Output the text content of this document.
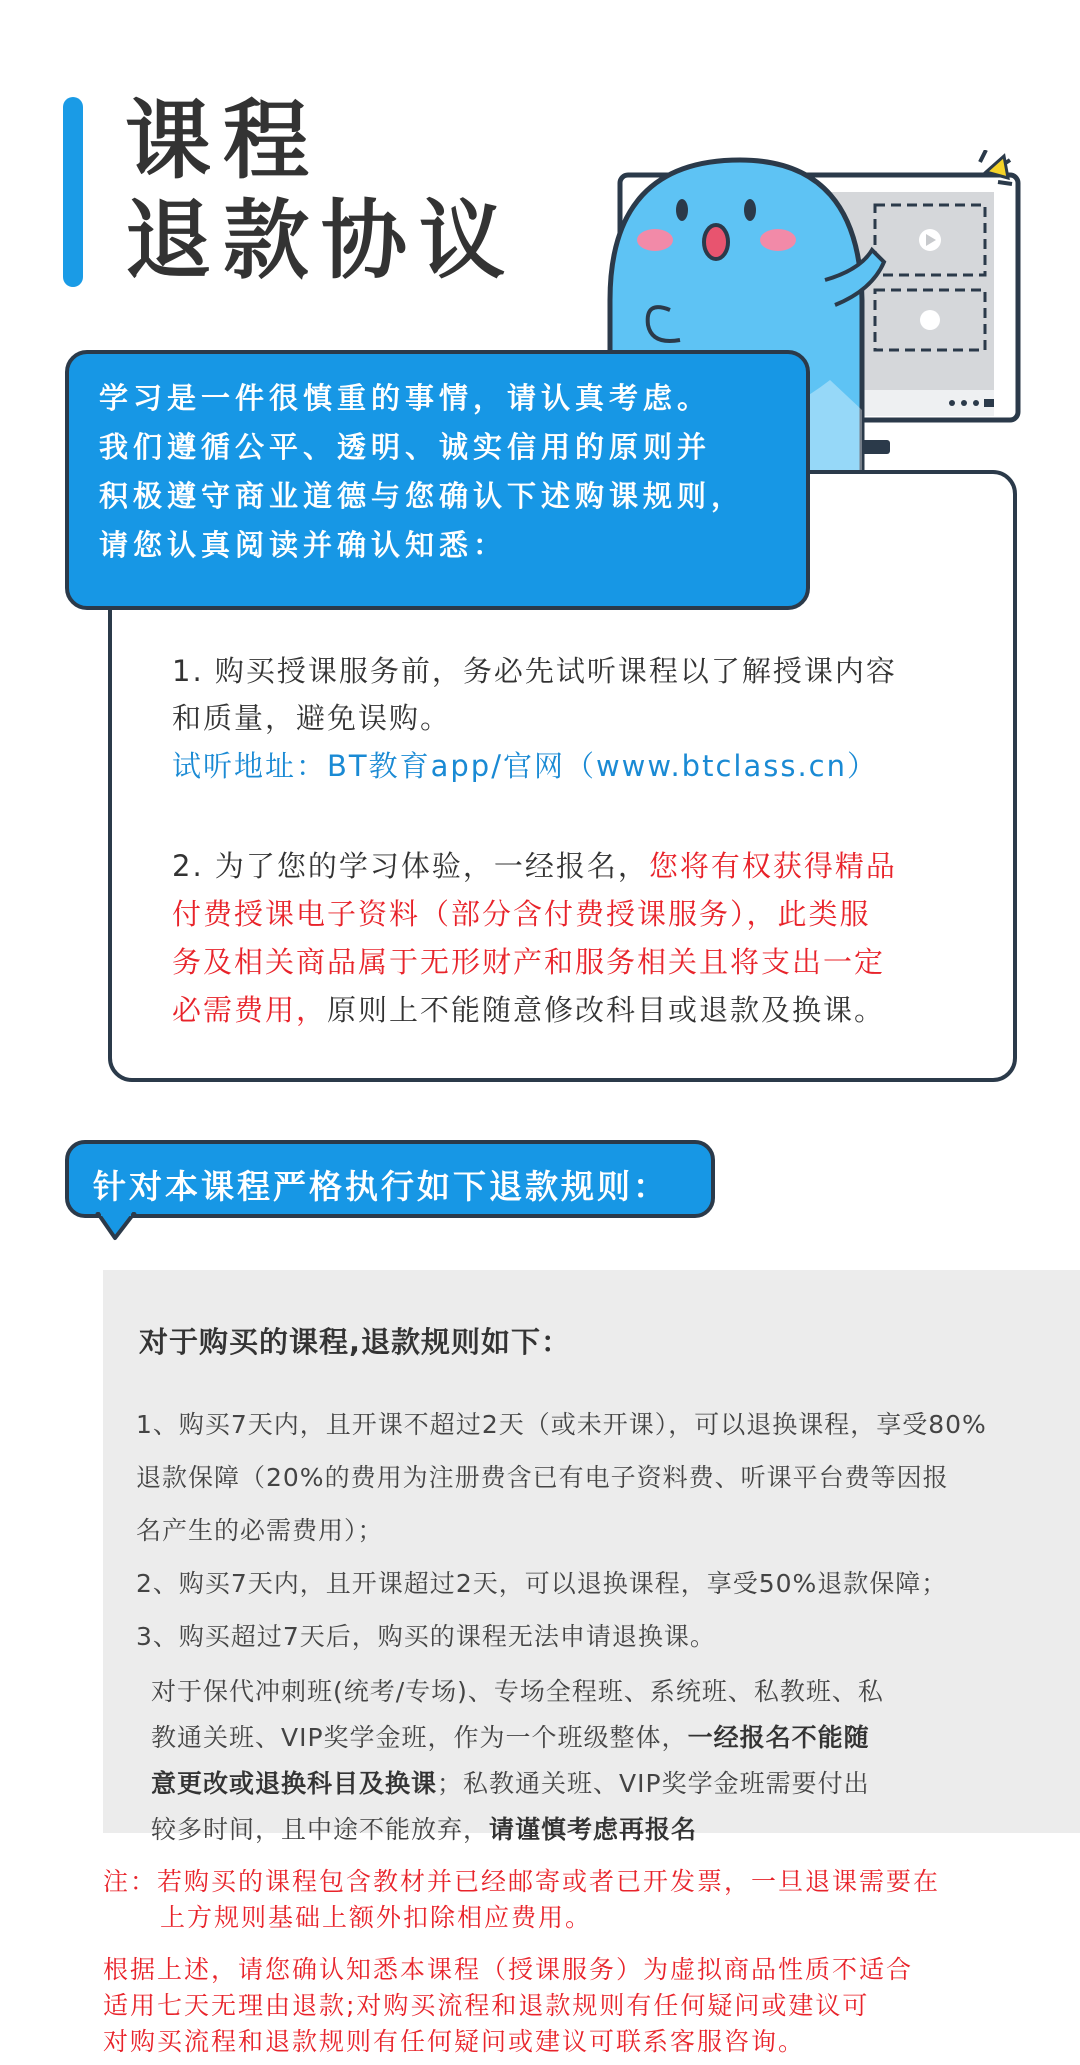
课程
退款协议
学习是一件很慎重的事情，请认真考虑。
我们遵循公平、透明、诚实信用的原则并
积极遵守商业道德与您确认下述购课规则，
请您认真阅读并确认知悉：
1. 购买授课服务前，务必先试听课程以了解授课内容
和质量，避免误购。
试听地址：BT教育app/官网（www.btclass.cn）
2. 为了您的学习体验，一经报名，您将有权获得精品
付费授课电子资料（部分含付费授课服务），此类服
务及相关商品属于无形财产和服务相关且将支出一定
必需费用，原则上不能随意修改科目或退款及换课。
针对本课程严格执行如下退款规则：
对于购买的课程,退款规则如下：
1、购买7天内，且开课不超过2天（或未开课），可以退换课程，享受80%
退款保障（20%的费用为注册费含已有电子资料费、听课平台费等因报
名产生的必需费用）；
2、购买7天内，且开课超过2天，可以退换课程，享受50%退款保障；
3、购买超过7天后，购买的课程无法申请退换课。
对于保代冲刺班(统考/专场)、专场全程班、系统班、私教班、私
教通关班、VIP奖学金班，作为一个班级整体，一经报名不能随
意更改或退换科目及换课；私教通关班、VIP奖学金班需要付出
较多时间，且中途不能放弃，请谨慎考虑再报名
注：若购买的课程包含教材并已经邮寄或者已开发票，一旦退课需要在
上方规则基础上额外扣除相应费用。
根据上述，请您确认知悉本课程（授课服务）为虚拟商品性质不适合
适用七天无理由退款;对购买流程和退款规则有任何疑问或建议可
对购买流程和退款规则有任何疑问或建议可联系客服咨询。
